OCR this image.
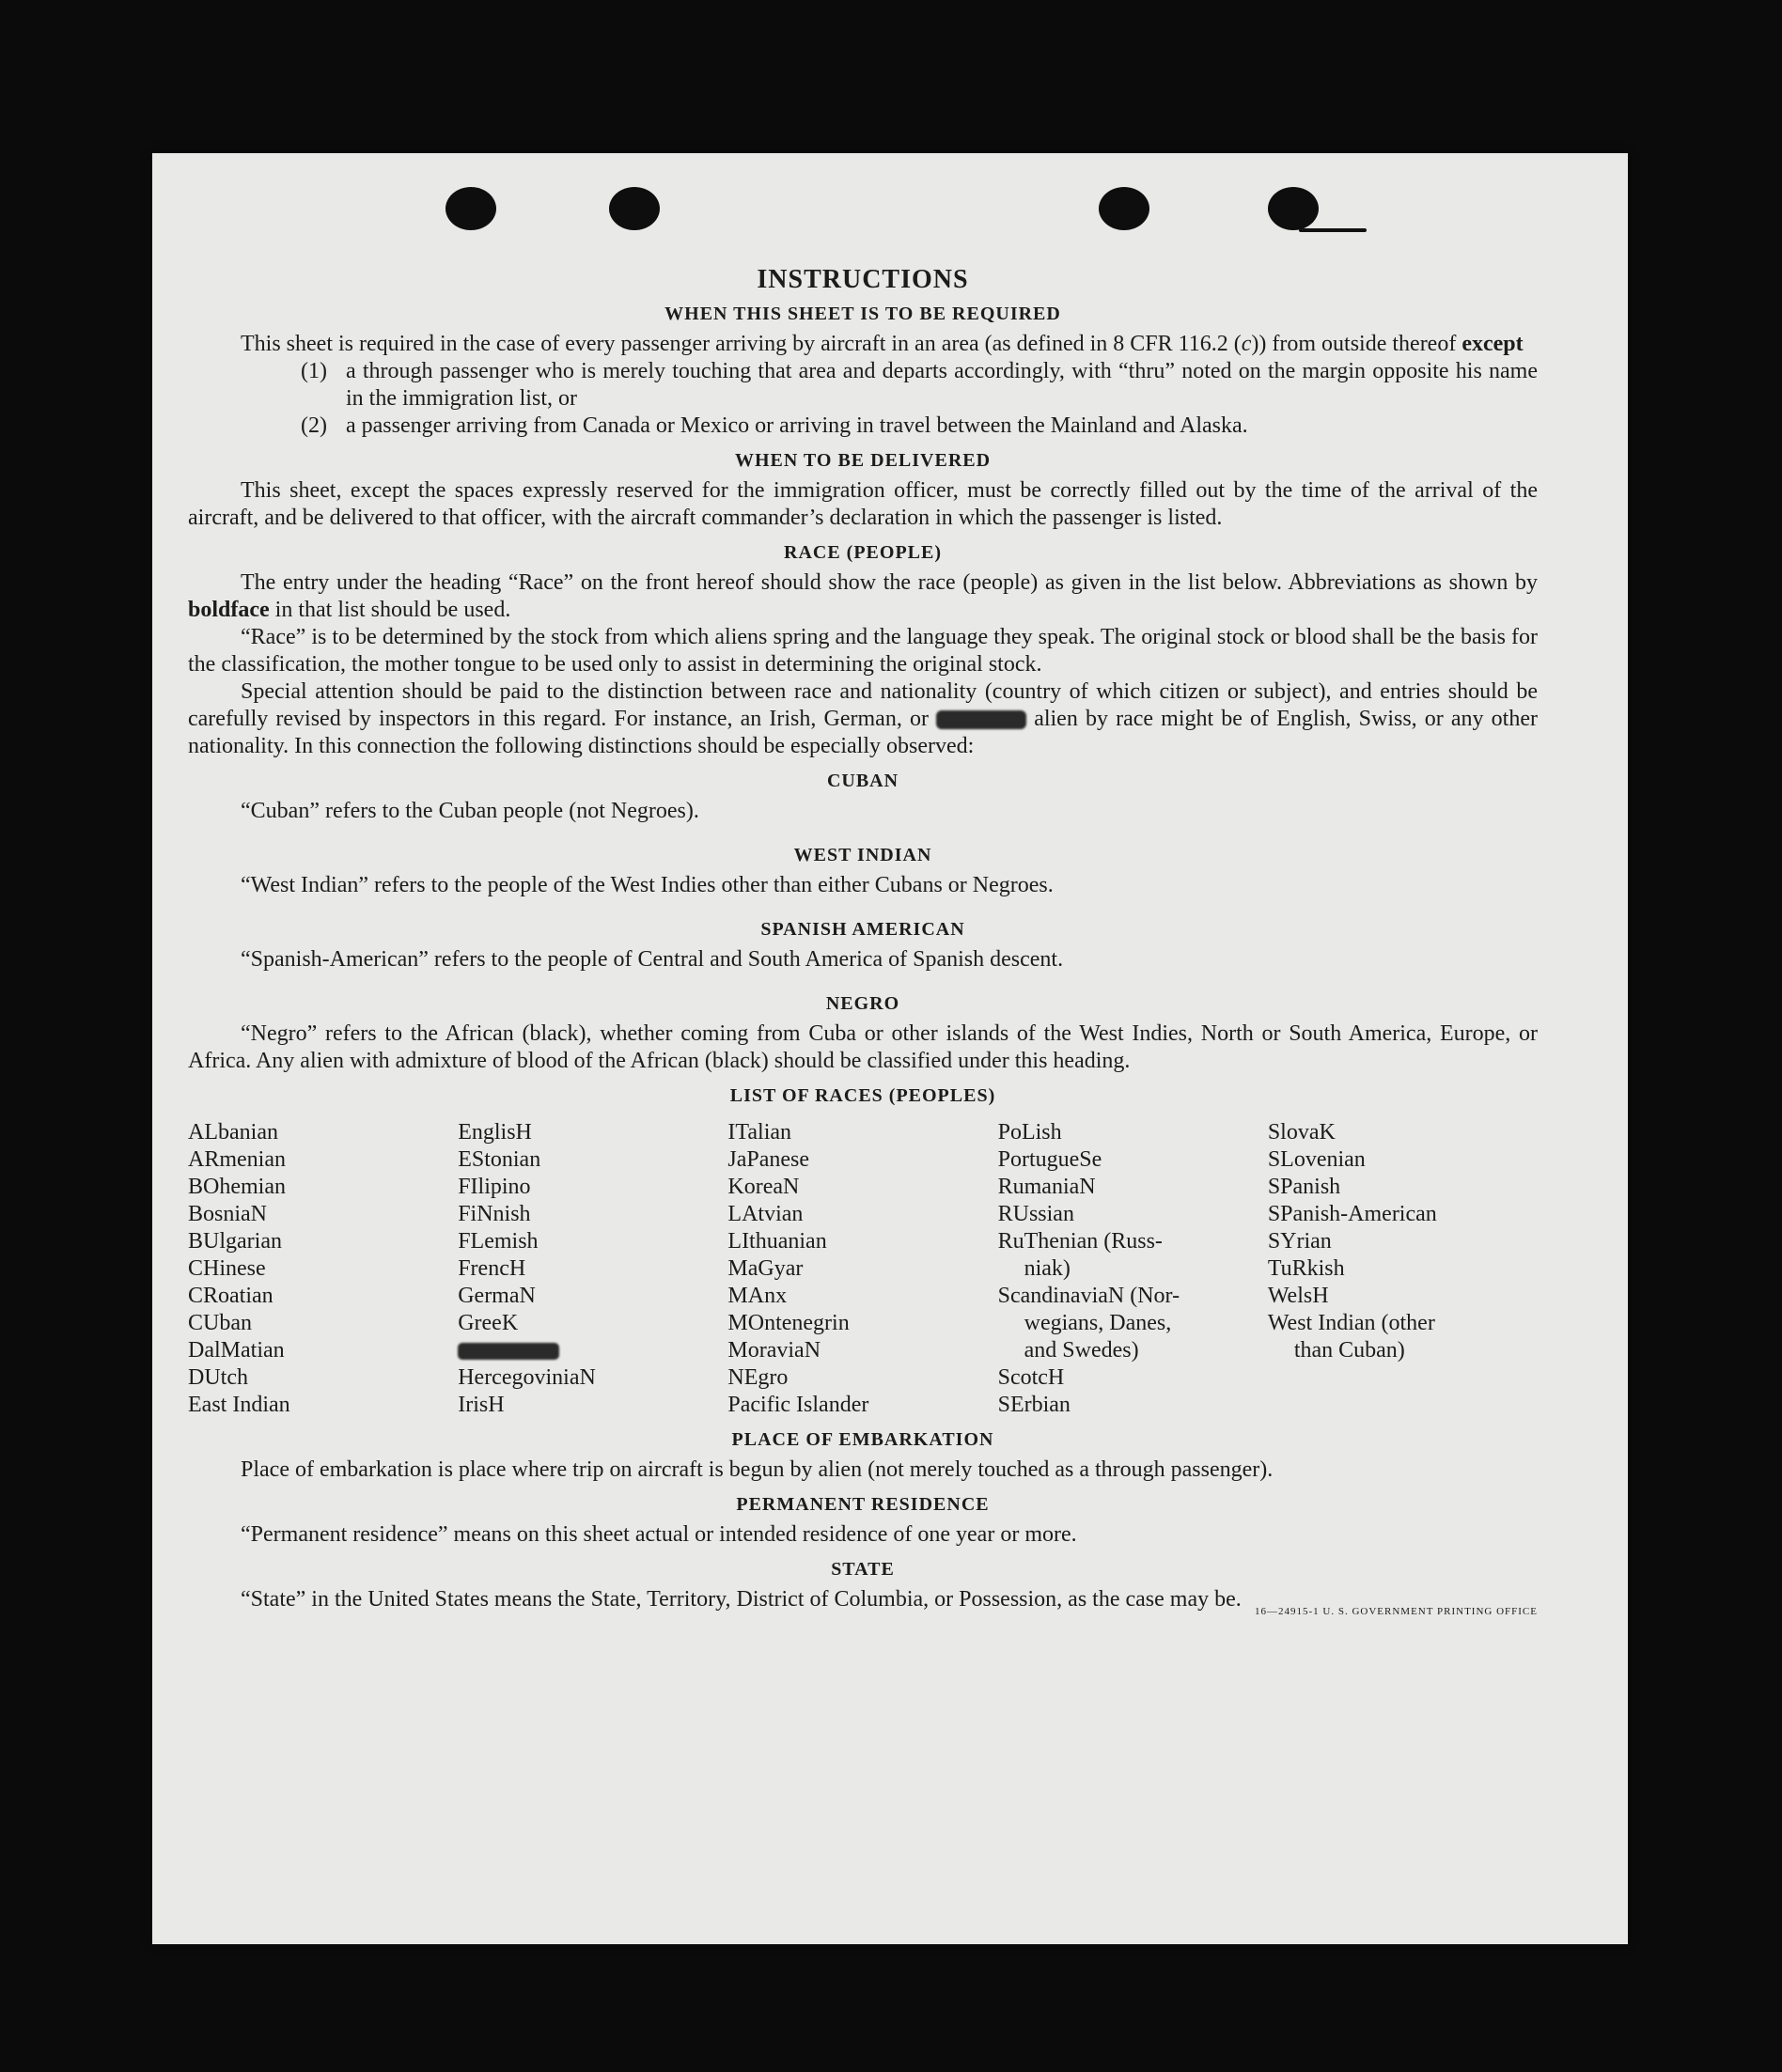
INSTRUCTIONS
WHEN THIS SHEET IS TO BE REQUIRED

This sheet is required in the case of every passenger arriving by aircraft in an area (as defined in 8 CFR 116.2 (c)) from outside thereof except

(1) a through passenger who is merely touching that area and departs accordingly, with “thru” noted on the margin opposite his name in the immigration list, or
(2) a passenger arriving from Canada or Mexico or arriving in travel between the Mainland and Alaska.
WHEN TO BE DELIVERED

This sheet, except the spaces expressly reserved for the immigration officer, must be correctly filled out by the time of the arrival of the aircraft, and be delivered to that officer, with the aircraft commander’s declaration in which the passenger is listed.

RACE (PEOPLE)

The entry under the heading “Race” on the front hereof should show the race (people) as given in the list below. Abbreviations as shown by boldface in that list should be used.

“Race” is to be determined by the stock from which aliens spring and the language they speak. The original stock or blood shall be the basis for the classification, the mother tongue to be used only to assist in determining the original stock.

Special attention should be paid to the distinction between race and nationality (country of which citizen or subject), and entries should be carefully revised by inspectors in this regard. For instance, an Irish, German, or	alien by race might be of English, Swiss, or any other nationality. In this connection the following distinctions should be especially observed:

CUBAN

“Cuban” refers to the Cuban people (not Negroes).

WEST INDIAN

“West Indian” refers to the people of the West Indies other than either Cubans or Negroes.

SPANISH AMERICAN

“Spanish-American” refers to the people of Central and South America of Spanish descent.

NEGRO

“Negro” refers to the African (black), whether coming from Cuba or other islands of the West Indies, North or South America, Europe, or Africa. Any alien with admixture of blood of the African (black) should be classified under this heading.

LIST OF RACES (PEOPLES)
ALbanian
ARmenian
BOhemian
BosniaN
BUlgarian
CHinese
CRoatian
CUban
DalMatian
DUtch
East Indian
EnglisH
EStonian
FIlipino
FiNnish
FLemish
FrencH
GermaN
GreeK
HercegoviniaN
IrisH
ITalian
JaPanese
KoreaN
LAtvian
LIthuanian
MaGyar
MAnx
MOntenegrin
MoraviaN
NEgro
Pacific Islander
PoLish
PortugueSe
RumaniaN
RUssian
RuThenian (Russ-
niak)
ScandinaviaN (Nor-
wegians, Danes,
and Swedes)
ScotcH
SErbian
SlovaK
SLovenian
SPanish
SPanish-American
SYrian
TuRkish
WelsH
West Indian (other
than Cuban)
PLACE OF EMBARKATION

Place of embarkation is place where trip on aircraft is begun by alien (not merely touched as a through passenger).

PERMANENT RESIDENCE

“Permanent residence” means on this sheet actual or intended residence of one year or more.

STATE

“State” in the United States means the State, Territory, District of Columbia, or Possession, as the case may be.	16—24915-1 U. S. GOVERNMENT PRINTING OFFICE
